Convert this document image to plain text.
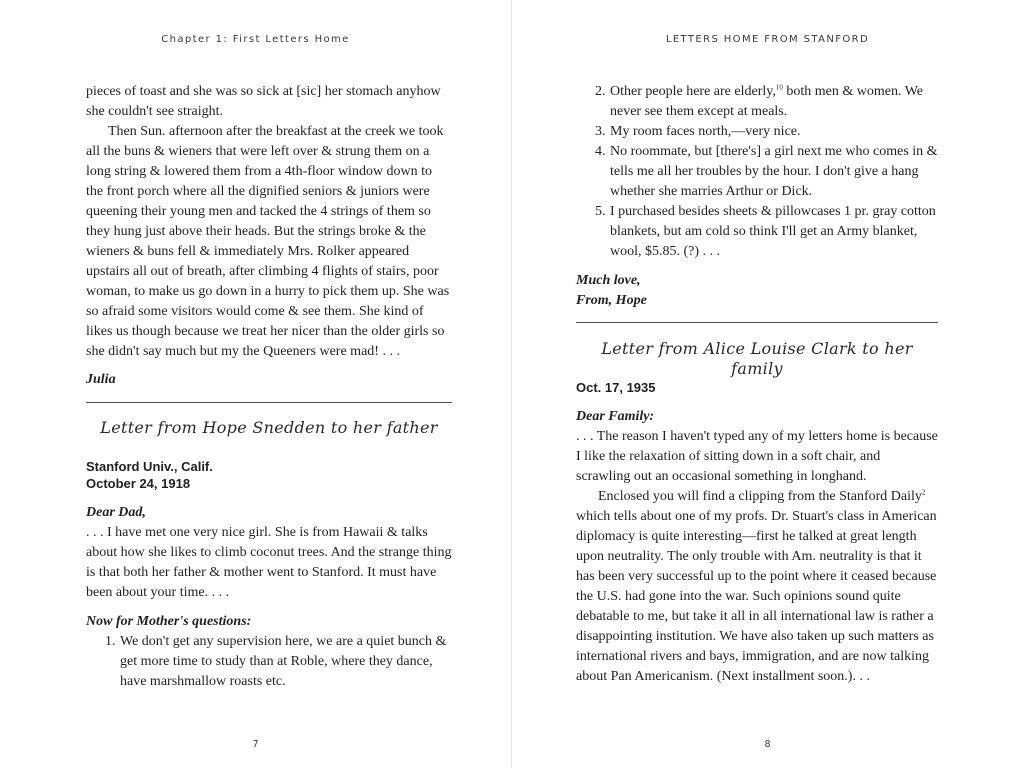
Chapter 1: First Letters Home

pieces of toast and she was so sick at [sic] her stomach anyhow she couldn't see straight.

Then Sun. afternoon after the breakfast at the creek we took all the buns & wieners that were left over & strung them on a long string & lowered them from a 4th-floor window down to the front porch where all the dignified seniors & juniors were queening their young men and tacked the 4 strings of them so they hung just above their heads. But the strings broke & the wieners & buns fell & immediately Mrs. Rolker appeared upstairs all out of breath, after climbing 4 flights of stairs, poor woman, to make us go down in a hurry to pick them up. She was so afraid some visitors would come & see them. She kind of likes us though because we treat her nicer than the older girls so she didn't say much but my the Queeners were mad! . . .

Julia

Letter from Hope Snedden to her father
Stanford Univ., Calif.
October 24, 1918

Dear Dad,

. . . I have met one very nice girl. She is from Hawaii & talks about how she likes to climb coconut trees. And the strange thing is that both her father & mother went to Stanford. It must have been about your time. . . .

Now for Mother's questions:

1. We don't get any supervision here, we are a quiet bunch & get more time to study than at Roble, where they dance, have marshmallow roasts etc.
7
LETTERS HOME FROM STANFORD
2. Other people here are elderly,$^{10}$ both men & women. We never see them except at meals.
3. My room faces north,—very nice.
4. No roommate, but [there's] a girl next me who comes in & tells me all her troubles by the hour. I don't give a hang whether she marries Arthur or Dick.
5. I purchased besides sheets & pillowcases 1 pr. gray cotton blankets, but am cold so think I'll get an Army blanket, wool, $5.85. (?) . . .

Much love,

From, Hope

Letter from Alice Louise Clark to her family
Oct. 17, 1935

Dear Family:

. . . The reason I haven't typed any of my letters home is because I like the relaxation of sitting down in a soft chair, and scrawling out an occasional something in longhand.

Enclosed you will find a clipping from the Stanford Daily$^2$ which tells about one of my profs. Dr. Stuart's class in American diplomacy is quite interesting—first he talked at great length upon neutrality. The only trouble with Am. neutrality is that it has been very successful up to the point where it ceased because the U.S. had gone into the war. Such opinions sound quite debatable to me, but take it all in all international law is rather a disappointing institution. We have also taken up such matters as international rivers and bays, immigration, and are now talking about Pan Americanism. (Next installment soon.). . .

8
